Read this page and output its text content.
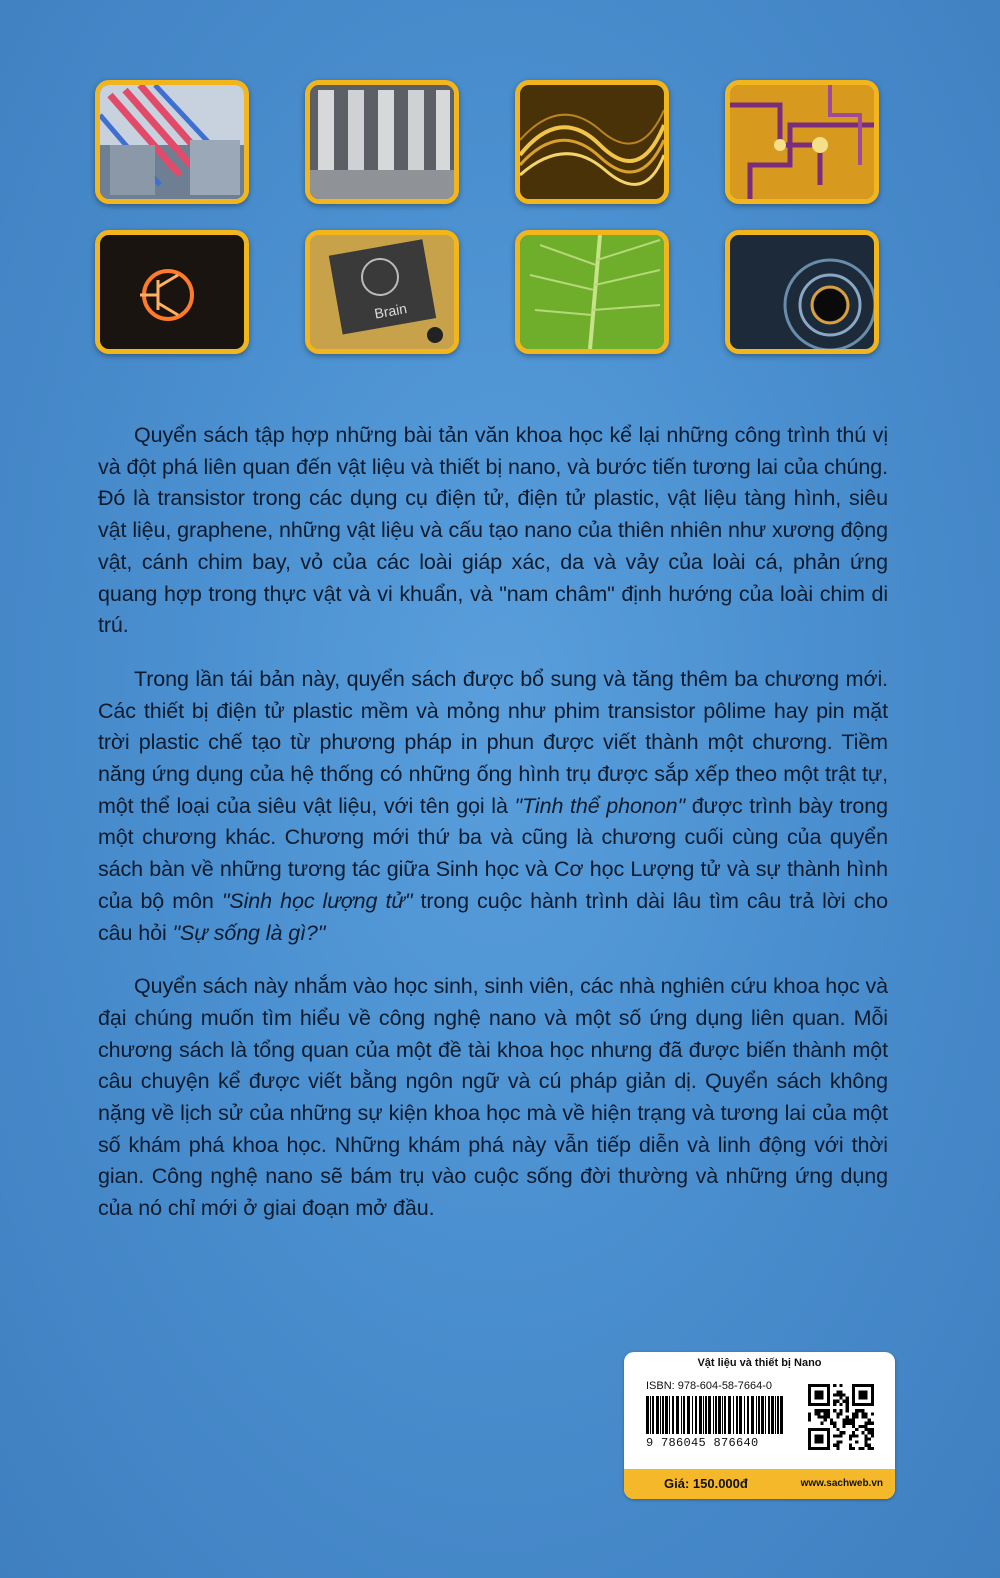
Brain

Quyển sách tập hợp những bài tản văn khoa học kể lại những công trình thú vị và đột phá liên quan đến vật liệu và thiết bị nano, và bước tiến tương lai của chúng. Đó là transistor trong các dụng cụ điện tử, điện tử plastic, vật liệu tàng hình, siêu vật liệu, graphene, những vật liệu và cấu tạo nano của thiên nhiên như xương động vật, cánh chim bay, vỏ của các loài giáp xác, da và vảy của loài cá, phản ứng quang hợp trong thực vật và vi khuẩn, và "nam châm" định hướng của loài chim di trú.

Trong lần tái bản này, quyển sách được bổ sung và tăng thêm ba chương mới. Các thiết bị điện tử plastic mềm và mỏng như phim transistor pôlime hay pin mặt trời plastic chế tạo từ phương pháp in phun được viết thành một chương. Tiềm năng ứng dụng của hệ thống có những ống hình trụ được sắp xếp theo một trật tự, một thể loại của siêu vật liệu, với tên gọi là "Tinh thể phonon" được trình bày trong một chương khác. Chương mới thứ ba và cũng là chương cuối cùng của quyển sách bàn về những tương tác giữa Sinh học và Cơ học Lượng tử và sự thành hình của bộ môn "Sinh học lượng tử" trong cuộc hành trình dài lâu tìm câu trả lời cho câu hỏi "Sự sống là gì?"

Quyển sách này nhắm vào học sinh, sinh viên, các nhà nghiên cứu khoa học và đại chúng muốn tìm hiểu về công nghệ nano và một số ứng dụng liên quan. Mỗi chương sách là tổng quan của một đề tài khoa học nhưng đã được biến thành một câu chuyện kể được viết bằng ngôn ngữ và cú pháp giản dị. Quyển sách không nặng về lịch sử của những sự kiện khoa học mà về hiện trạng và tương lai của một số khám phá khoa học. Những khám phá này vẫn tiếp diễn và linh động với thời gian. Công nghệ nano sẽ bám trụ vào cuộc sống đời thường và những ứng dụng của nó chỉ mới ở giai đoạn mở đầu.

Vật liệu và thiết bị Nano
ISBN: 978-604-58-7664-0
9 786045 876640
Giá: 150.000đ	www.sachweb.vn
